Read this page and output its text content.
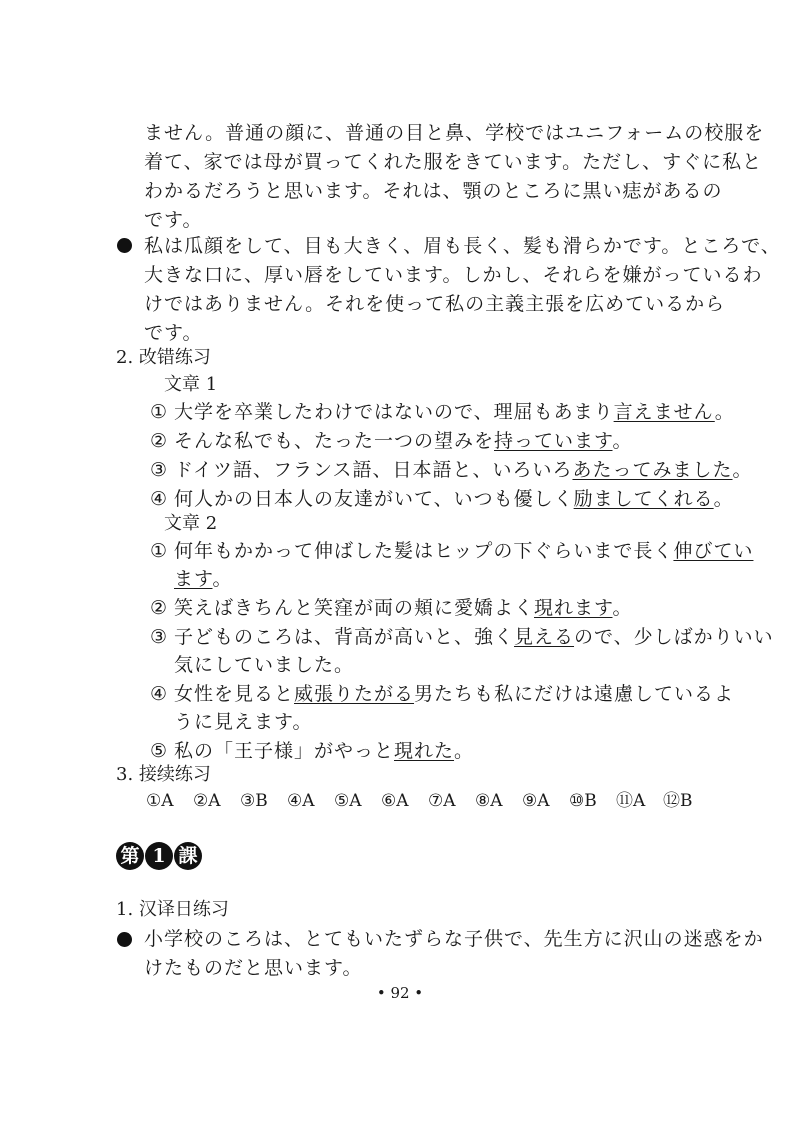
ません。普通の顔に、普通の目と鼻、学校ではユニフォームの校服を
着て、家では母が買ってくれた服をきています。ただし、すぐに私と
わかるだろうと思います。それは、顎のところに黒い痣があるの
です。
私は瓜顔をして、目も大きく、眉も長く、髪も滑らかです。ところで、
大きな口に、厚い唇をしています。しかし、それらを嫌がっているわ
けではありません。それを使って私の主義主張を広めているから
です。
2. 改错练习
文章 1
① 大学を卒業したわけではないので、理屈もあまり言えません。
② そんな私でも、たった一つの望みを持っています。
③ ドイツ語、フランス語、日本語と、いろいろあたってみました。
④ 何人かの日本人の友達がいて、いつも優しく励ましてくれる。
文章 2
① 何年もかかって伸ばした髪はヒップの下ぐらいまで長く伸びてい
ます。
② 笑えばきちんと笑窪が両の頬に愛嬌よく現れます。
③ 子どものころは、背高が高いと、強く見えるので、少しばかりいい
気にしていました。
④ 女性を見ると威張りたがる男たちも私にだけは遠慮しているよ
うに見えます。
⑤ 私の「王子様」がやっと現れた。
3. 接续练习
①A ②A ③B ④A ⑤A ⑥A ⑦A ⑧A ⑨A ⑩B ⑪A ⑫B
第 1 課
1. 汉译日练习
小学校のころは、とてもいたずらな子供で、先生方に沢山の迷惑をか
けたものだと思います。
• 92 •
